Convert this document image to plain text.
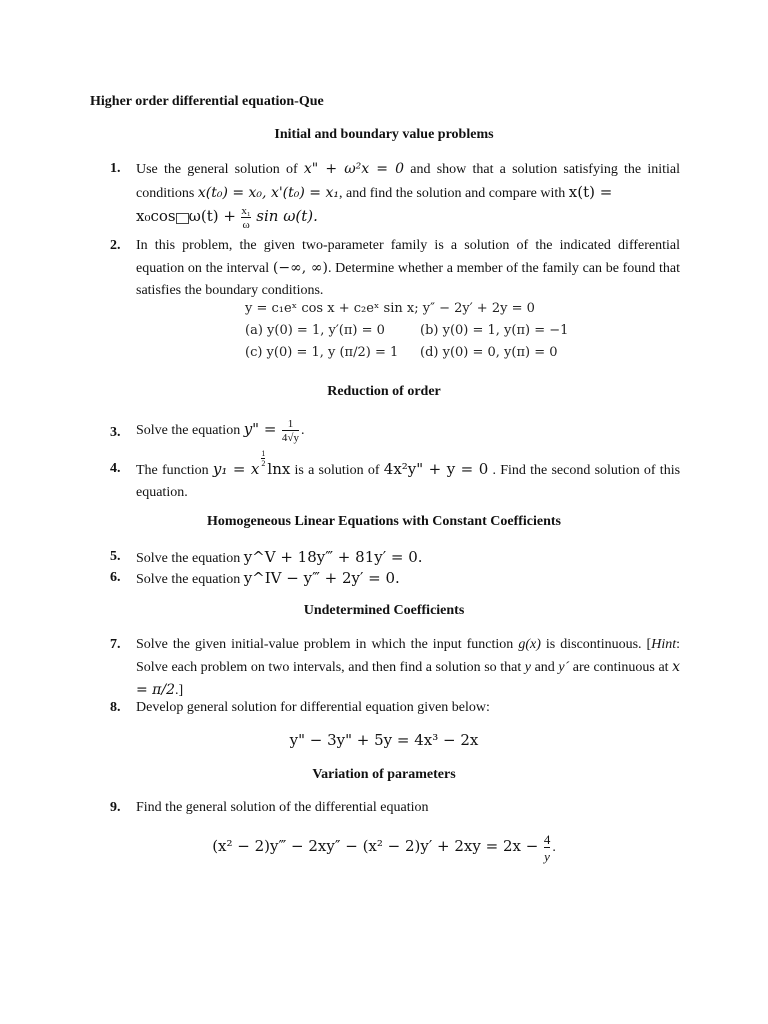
Higher order differential equation-Que
Initial and boundary value problems
1.	Use the general solution of x" + ω²x = 0 and show that a solution satisfying the initial conditions x(t₀) = x₀, x'(t₀) = x₁, and find the solution and compare with x(t) =
x₀cos $\omega(t) + \frac{\text{x₁}}{\omega}$ sin ω(t).
2.	In this problem, the given two-parameter family is a solution of the indicated differential equation on the interval (−∞, ∞). Determine whether a member of the family can be found that satisfies the boundary conditions.
y = c₁eˣ cos x + c₂eˣ sin x; y″ − 2y′ + 2y = 0
(a) y(0) = 1, y′(π) = 0	(b) y(0) = 1, y(π) = −1
(c) y(0) = 1, y (π/2) = 1 (d) y(0) = 0, y(π) = 0
Reduction of order
3.	Solve the equation y" = $\frac{1}{4√y}$ .
4.	The function y₁ = x
$\frac{1}{2}$
lnx is a solution of 4x²y" + y = 0 . Find the second solution of this equation.
Homogeneous Linear Equations with Constant Coefficients
5.	Solve the equation y^V + 18y‴ + 81y′ = 0.
6.	Solve the equation y^IV − y‴ + 2y′ = 0.
Undetermined Coefficients
7.	Solve the given initial-value problem in which the input function g(x) is discontinuous. [Hint: Solve each problem on two intervals, and then find a solution so that y and y´ are continuous at x = π/2.]
8.	Develop general solution for differential equation given below:
y" − 3y" + 5y = 4x³ − 2x
Variation of parameters
9.	Find the general solution of the differential equation
(x² − 2)y‴ − $2xy'' - (x^2 - 2)y' + 2xy = 2x - \frac{4}{y}$ .
